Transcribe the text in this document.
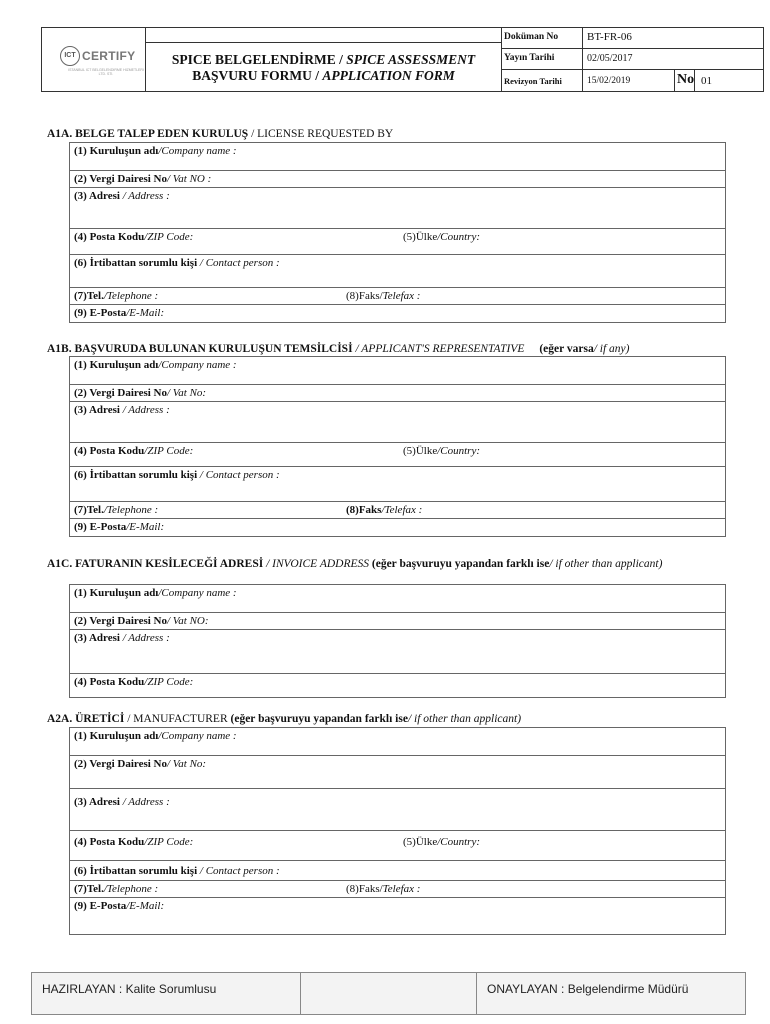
ICT CERTIFY
ISTANBUL ICT BELGELENDIRME HIZMETLERI LTD. STI.
SPICE BELGELENDİRME / SPICE ASSESSMENT
BAŞVURU FORMU / APPLICATION FORM
Doküman No	BT-FR-06
Yayın Tarihi	02/05/2017
Revizyon Tarihi	15/02/2019	No 01
A1A. BELGE TALEP EDEN KURULUŞ / LICENSE REQUESTED BY
(1) Kuruluşun adı/Company name :
(2) Vergi Dairesi No/ Vat NO :
(3) Adresi / Address :
(4) Posta Kodu/ZIP Code:	(5)Ülke/Country:
(6) İrtibattan sorumlu kişi / Contact person :
(7)Tel./Telephone :	(8)Faks/Telefax :
(9) E-Posta/E-Mail:
A1B. BAŞVURUDA BULUNAN KURULUŞUN TEMSİLCİSİ / APPLICANT'S REPRESENTATIVE (eğer varsa/ if any)
(1) Kuruluşun adı/Company name :
(2) Vergi Dairesi No/ Vat No:
(3) Adresi / Address :
(4) Posta Kodu/ZIP Code:	(5)Ülke/Country:
(6) İrtibattan sorumlu kişi / Contact person :
(7)Tel./Telephone :	(8)Faks/Telefax :
(9) E-Posta/E-Mail:
A1C. FATURANIN KESİLECEĞİ ADRESİ / INVOICE ADDRESS (eğer başvuruyu yapandan farklı ise/ if other than applicant)
(1) Kuruluşun adı/Company name :
(2) Vergi Dairesi No/ Vat NO:
(3) Adresi / Address :
(4) Posta Kodu/ZIP Code:
A2A. ÜRETİCİ / MANUFACTURER (eğer başvuruyu yapandan farklı ise/ if other than applicant)
(1) Kuruluşun adı/Company name :
(2) Vergi Dairesi No/ Vat No:
(3) Adresi / Address :
(4) Posta Kodu/ZIP Code:	(5)Ülke/Country:
(6) İrtibattan sorumlu kişi / Contact person :
(7)Tel./Telephone :	(8)Faks/Telefax :
(9) E-Posta/E-Mail:
HAZIRLAYAN : Kalite Sorumlusu	ONAYLAYAN : Belgelendirme Müdürü
